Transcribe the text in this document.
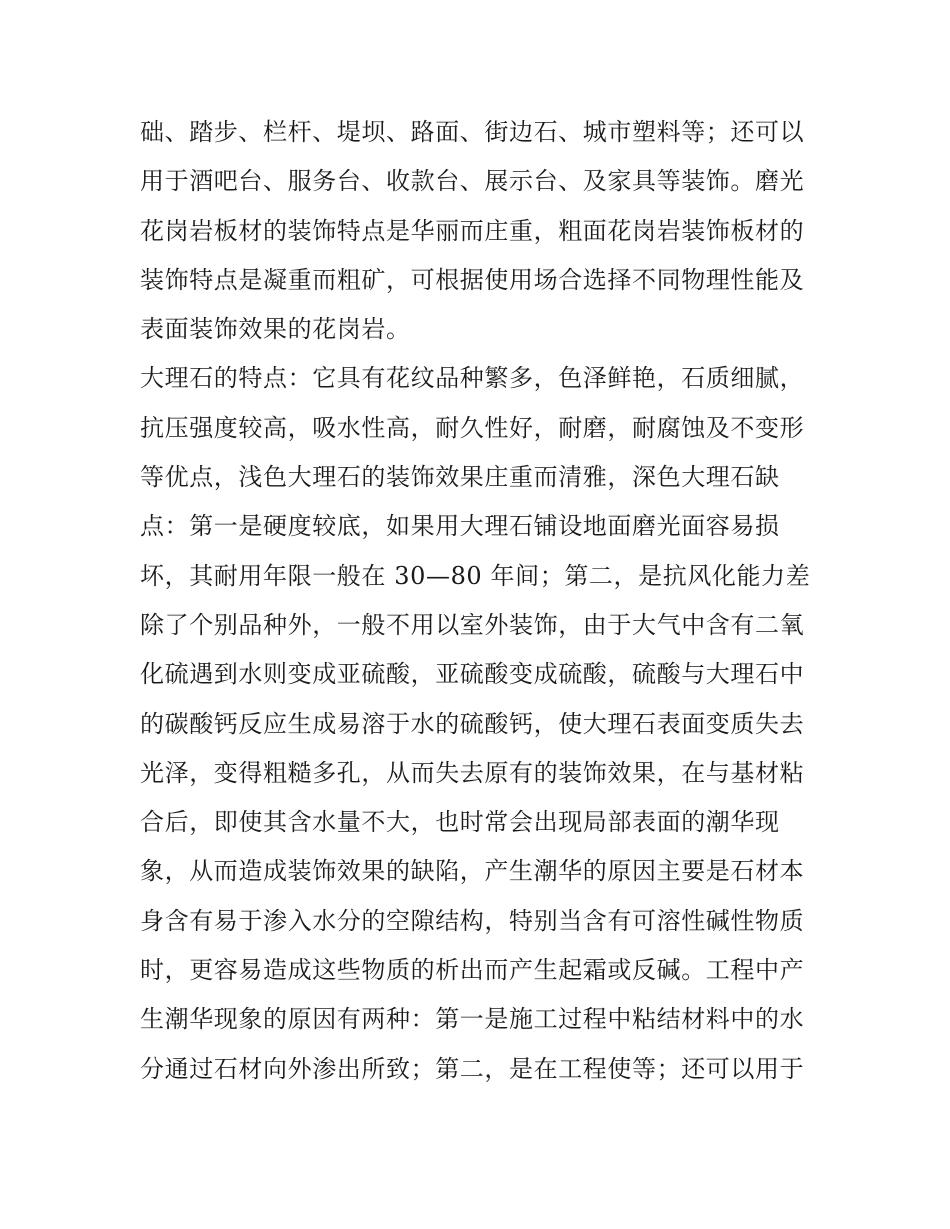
础、踏步、栏杆、堤坝、路面、街边石、城市塑料等；还可以
用于酒吧台、服务台、收款台、展示台、及家具等装饰。磨光
花岗岩板材的装饰特点是华丽而庄重，粗面花岗岩装饰板材的
装饰特点是凝重而粗矿，可根据使用场合选择不同物理性能及
表面装饰效果的花岗岩。
大理石的特点：它具有花纹品种繁多，色泽鲜艳，石质细腻，
抗压强度较高，吸水性高，耐久性好，耐磨，耐腐蚀及不变形
等优点，浅色大理石的装饰效果庄重而清雅，深色大理石缺
点：第一是硬度较底，如果用大理石铺设地面磨光面容易损
坏，其耐用年限一般在 30—80 年间；第二，是抗风化能力差
除了个别品种外，一般不用以室外装饰，由于大气中含有二氧
化硫遇到水则变成亚硫酸，亚硫酸变成硫酸，硫酸与大理石中
的碳酸钙反应生成易溶于水的硫酸钙，使大理石表面变质失去
光泽，变得粗糙多孔，从而失去原有的装饰效果，在与基材粘
合后，即使其含水量不大，也时常会出现局部表面的潮华现
象，从而造成装饰效果的缺陷，产生潮华的原因主要是石材本
身含有易于渗入水分的空隙结构，特别当含有可溶性碱性物质
时，更容易造成这些物质的析出而产生起霜或反碱。工程中产
生潮华现象的原因有两种：第一是施工过程中粘结材料中的水
分通过石材向外渗出所致；第二，是在工程使等；还可以用于
